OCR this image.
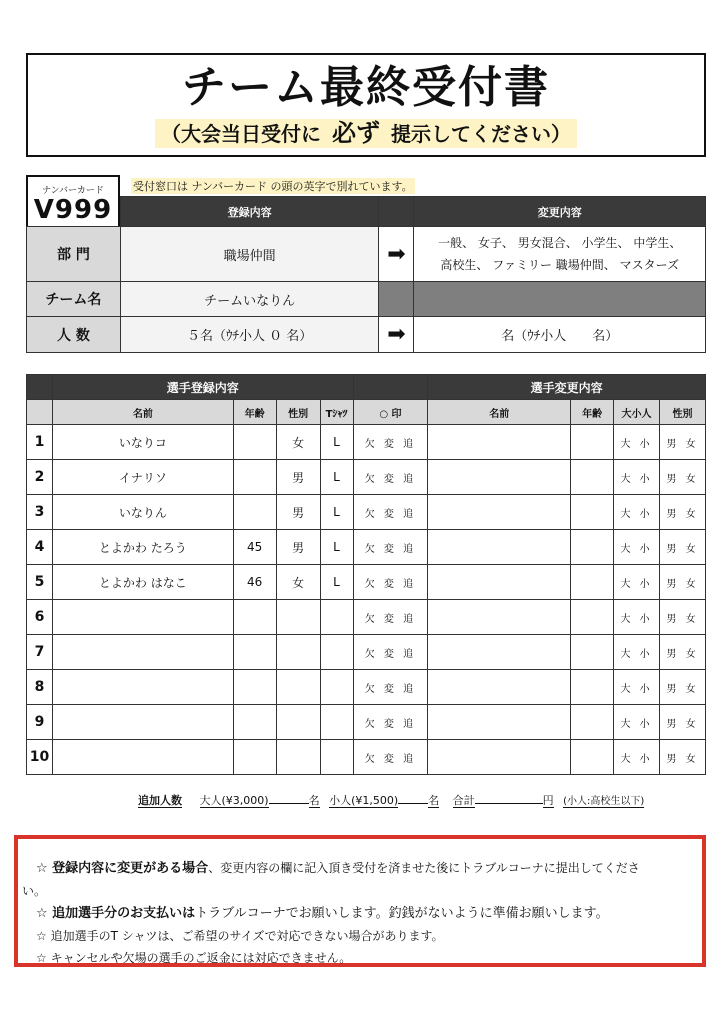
チーム最終受付書
（大会当日受付に 必ず 提示してください）
ナンバーカード
V999
受付窓口は ナンバーカード の頭の英字で別れています。
	登録内容		変更内容
部 門	職場仲間	➡	一般、 女子、 男女混合、 小学生、 中学生、
高校生、 ファミリー 職場仲間、 マスターズ

チーム名	チームいなりん		
人 数	５名（ｳﾁ小人 ０ 名）	➡	名（ｳﾁ小人　　名）
	選手登録内容					選手変更内容			
	名前	年齢	性別	Tｼｬﾂ	○ 印	名前	年齢	大小人	性別
1	いなりコ		女	L	欠 変 追			大 小	男 女
2	イナリソ		男	L	欠 変 追			大 小	男 女
3	いなりん		男	L	欠 変 追			大 小	男 女
4	とよかわ たろう	45	男	L	欠 変 追			大 小	男 女
5	とよかわ はなこ	46	女	L	欠 変 追			大 小	男 女
6					欠 変 追			大 小	男 女
7					欠 変 追			大 小	男 女
8					欠 変 追			大 小	男 女
9					欠 変 追			大 小	男 女
10					欠 変 追			大 小	男 女
追加人数 大人(¥3,000)	名 小人(¥1,500)	名 合計	円 (小人:高校生以下)

☆ 登録内容に変更がある場合、変更内容の欄に記入頂き受付を済ませた後にトラブルコーナに提出してくださ

い。

☆ 追加選手分のお支払いはトラブルコーナでお願いします。釣銭がないように準備お願いします。

☆ 追加選手のT シャツは、ご希望のサイズで対応できない場合があります。

☆ キャンセルや欠場の選手のご返金には対応できません。
